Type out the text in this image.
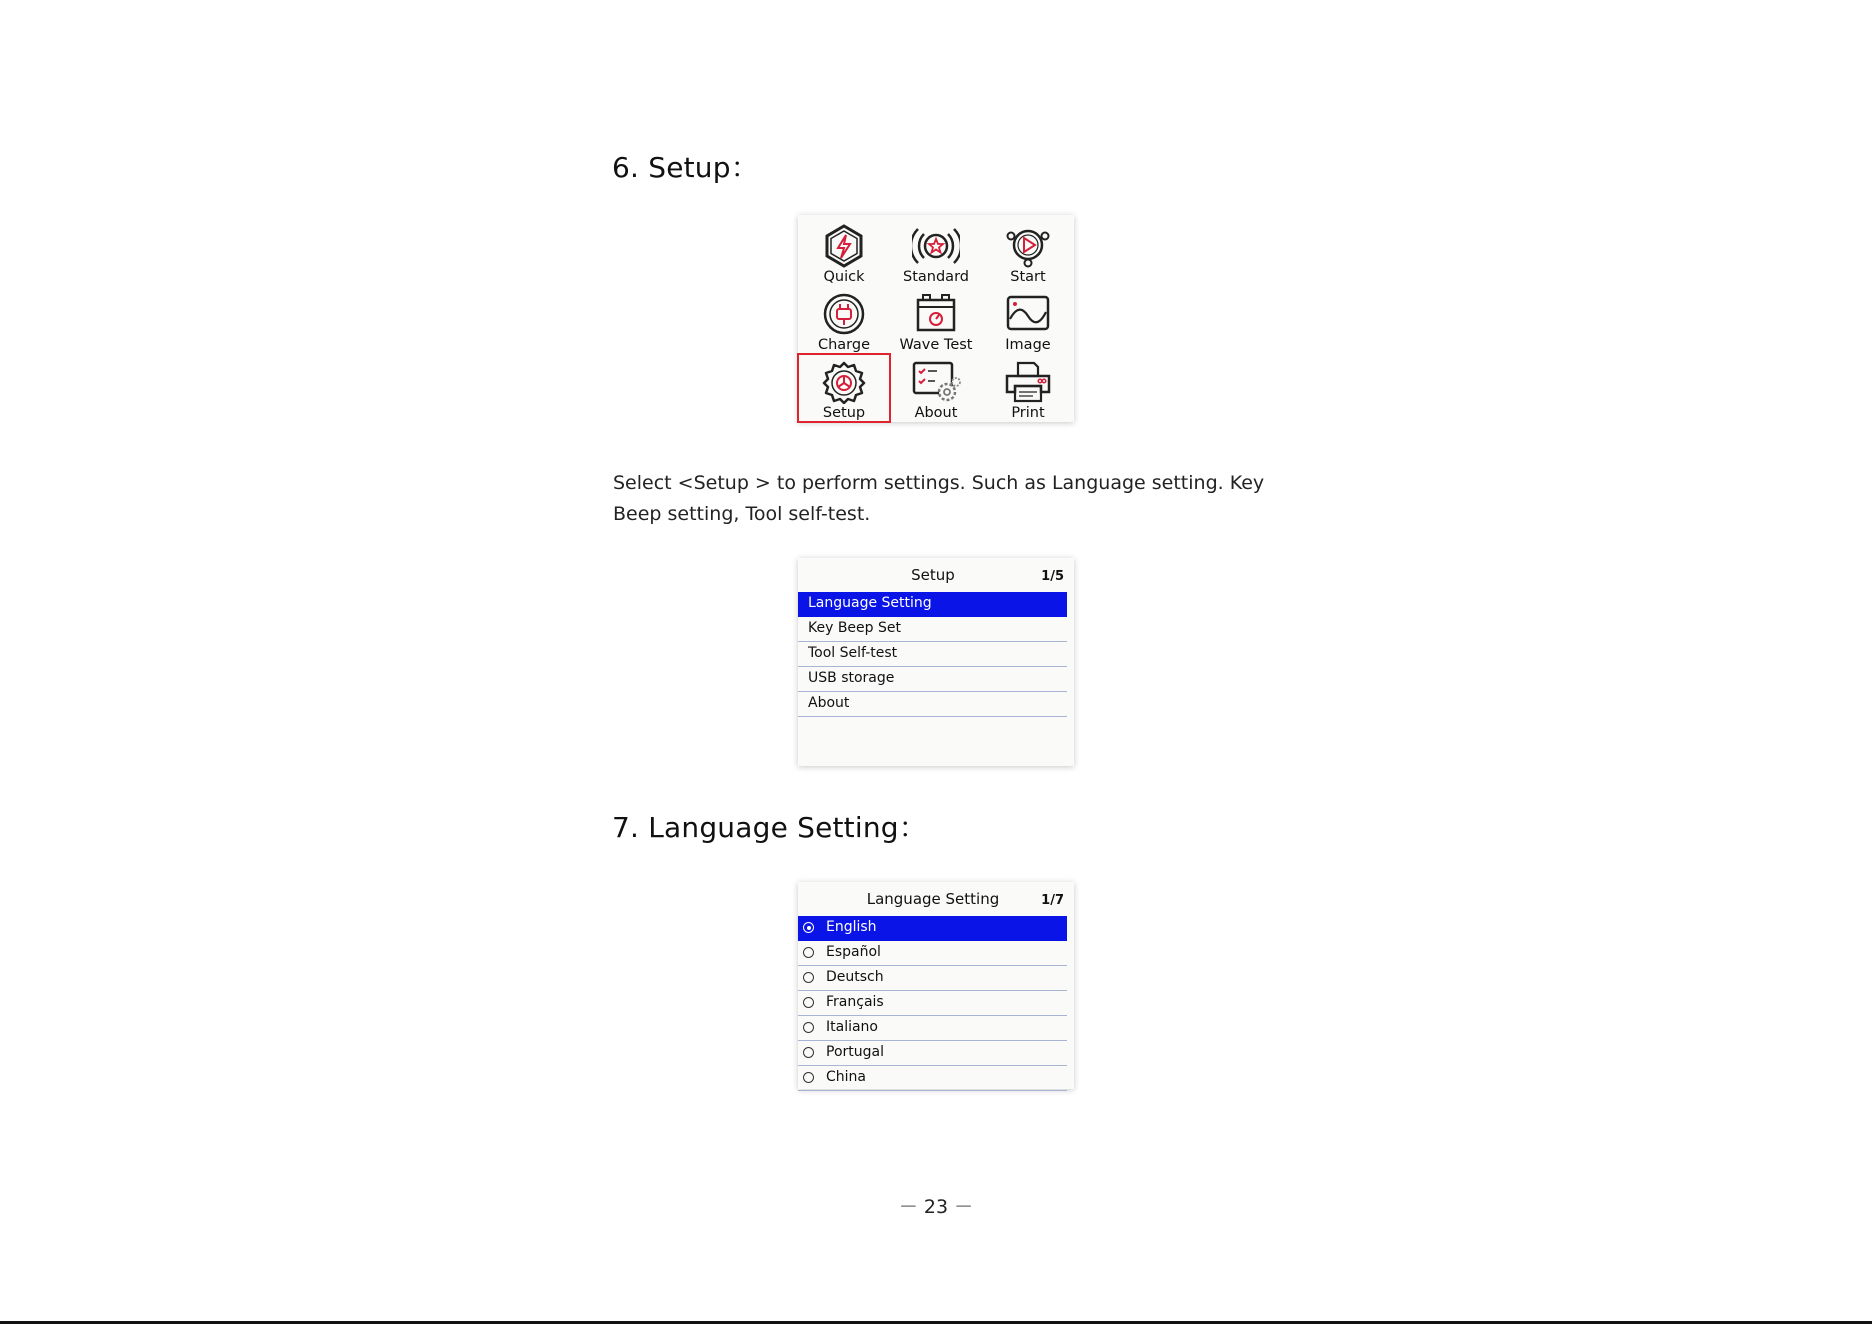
6. Setup：
Quick	Standard	Start
Charge	Wave Test	Image
Setup	About	Print

Select <Setup > to perform settings. Such as Language setting. Key Beep setting, Tool self-test.

Setup	1/5
Language Setting
Key Beep Set
Tool Self-test
USB storage
About
7. Language Setting：
Language Setting	1/7
English
Español
Deutsch
Français
Italiano
Portugal
China
－ 23 －
